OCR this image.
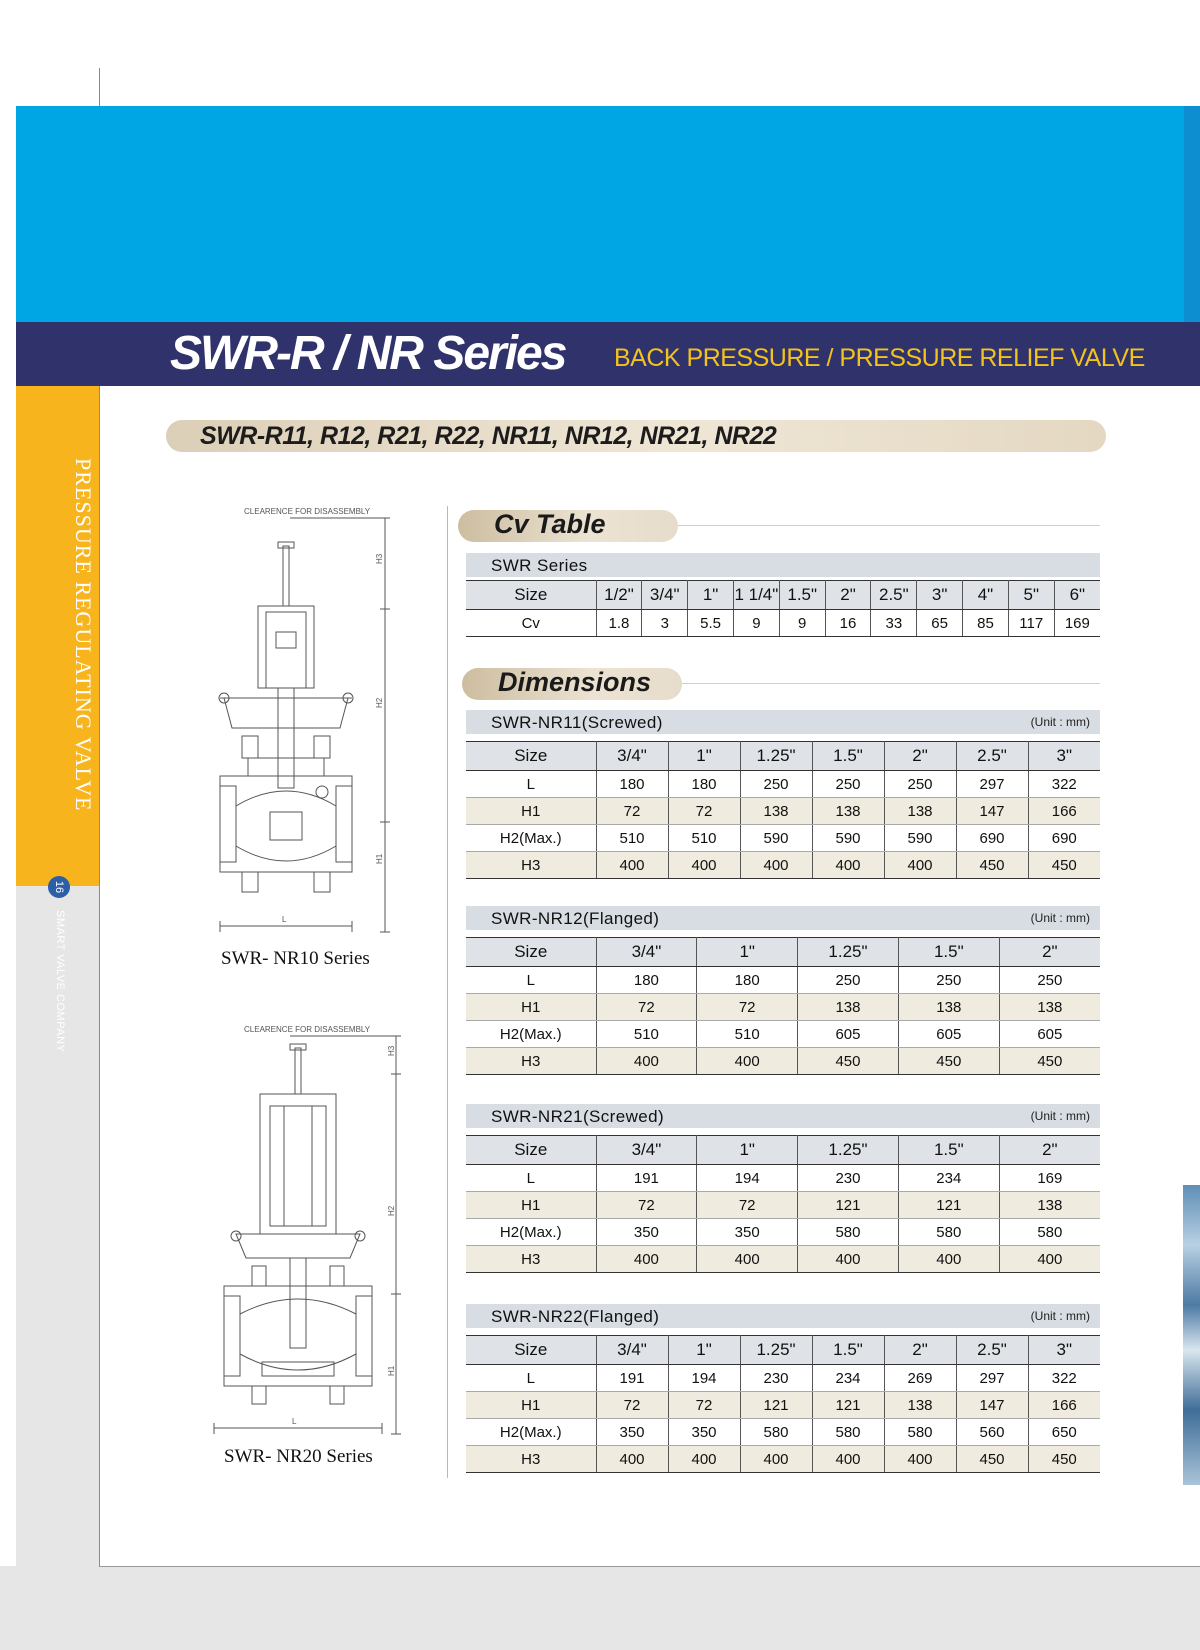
SWR-R / NR Series BACK PRESSURE / PRESSURE RELIEF VALVE
PRESSURE REGULATING VALVE
16
SMART VALVE COMPANY
SWR-R11, R12, R21, R22, NR11, NR12, NR21, NR22
CLEARENCE FOR DISASSEMBLY
H3
H2
H1
L
SWR- NR10 Series
CLEARENCE FOR DISASSEMBLY
H3
H2
H1
L
SWR- NR20 Series
Cv Table
SWR Series
Size	1/2"	3/4"	1"	1 1/4"	1.5"	2"	2.5"	3"	4"	5"	6"
Cv	1.8	3	5.5	9	9	16	33	65	85	117	169
Dimensions
SWR-NR11(Screwed)	(Unit : mm)
Size	3/4"	1"	1.25"	1.5"	2"	2.5"	3"
L	180	180	250	250	250	297	322
H1	72	72	138	138	138	147	166
H2(Max.)	510	510	590	590	590	690	690
H3	400	400	400	400	400	450	450
SWR-NR12(Flanged)	(Unit : mm)
Size	3/4"	1"	1.25"	1.5"	2"
L	180	180	250	250	250
H1	72	72	138	138	138
H2(Max.)	510	510	605	605	605
H3	400	400	450	450	450
SWR-NR21(Screwed)	(Unit : mm)
Size	3/4"	1"	1.25"	1.5"	2"
L	191	194	230	234	169
H1	72	72	121	121	138
H2(Max.)	350	350	580	580	580
H3	400	400	400	400	400
SWR-NR22(Flanged)	(Unit : mm)
Size	3/4"	1"	1.25"	1.5"	2"	2.5"	3"
L	191	194	230	234	269	297	322
H1	72	72	121	121	138	147	166
H2(Max.)	350	350	580	580	580	560	650
H3	400	400	400	400	400	450	450
